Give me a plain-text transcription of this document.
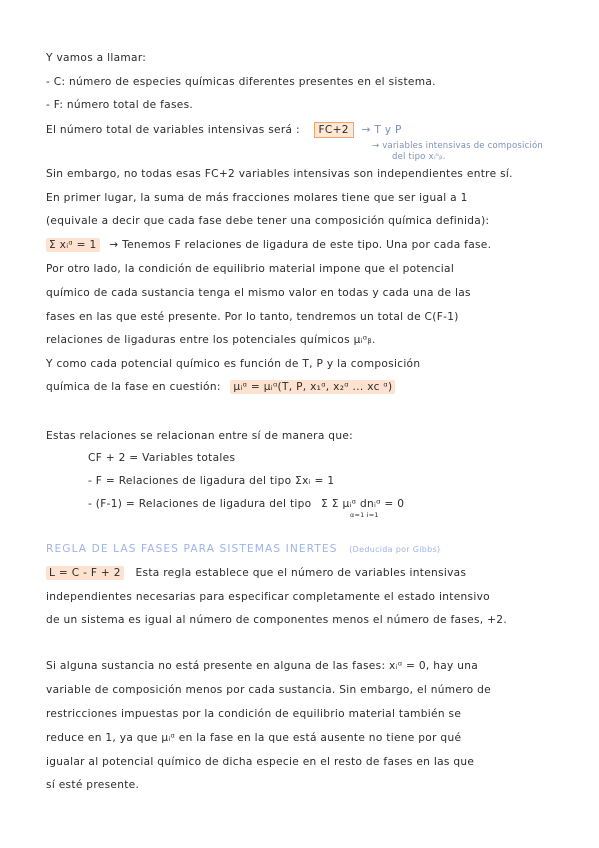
Y vamos a llamar:
- C: número de especies químicas diferentes presentes en el sistema.
- F: número total de fases.
El número total de variables intensivas será : FC+2 → T y P
→ variables intensivas de composición
del tipo xᵢᵅᵦ.
Sin embargo, no todas esas FC+2 variables intensivas son independientes entre sí.
En primer lugar, la suma de más fracciones molares tiene que ser igual a 1
(equivale a decir que cada fase debe tener una composición química definida):
Σ xᵢᵅ = 1 → Tenemos F relaciones de ligadura de este tipo. Una por cada fase.
Por otro lado, la condición de equilibrio material impone que el potencial
químico de cada sustancia tenga el mismo valor en todas y cada una de las
fases en las que esté presente. Por lo tanto, tendremos un total de C(F-1)
relaciones de ligaduras entre los potenciales químicos μᵢᵅᵦ.
Y como cada potencial químico es función de T, P y la composición
química de la fase en cuestión: μᵢᵅ = μᵢᵅ(T, P, x₁ᵅ, x₂ᵅ ... xc ᵅ)
Estas relaciones se relacionan entre sí de manera que:
CF + 2 = Variables totales
- F = Relaciones de ligadura del tipo Σxᵢ = 1
- (F-1) = Relaciones de ligadura del tipo Σ Σ μᵢᵅ dnᵢᵅ = 0
α=1 i=1
REGLA DE LAS FASES PARA SISTEMAS INERTES (Deducida por Gibbs)
L = C - F + 2 Esta regla establece que el número de variables intensivas
independientes necesarias para especificar completamente el estado intensivo
de un sistema es igual al número de componentes menos el número de fases, +2.
Si alguna sustancia no está presente en alguna de las fases: xᵢᵅ = 0, hay una
variable de composición menos por cada sustancia. Sin embargo, el número de
restricciones impuestas por la condición de equilibrio material también se
reduce en 1, ya que μᵢᵅ en la fase en la que está ausente no tiene por qué
igualar al potencial químico de dicha especie en el resto de fases en las que
sí esté presente.
